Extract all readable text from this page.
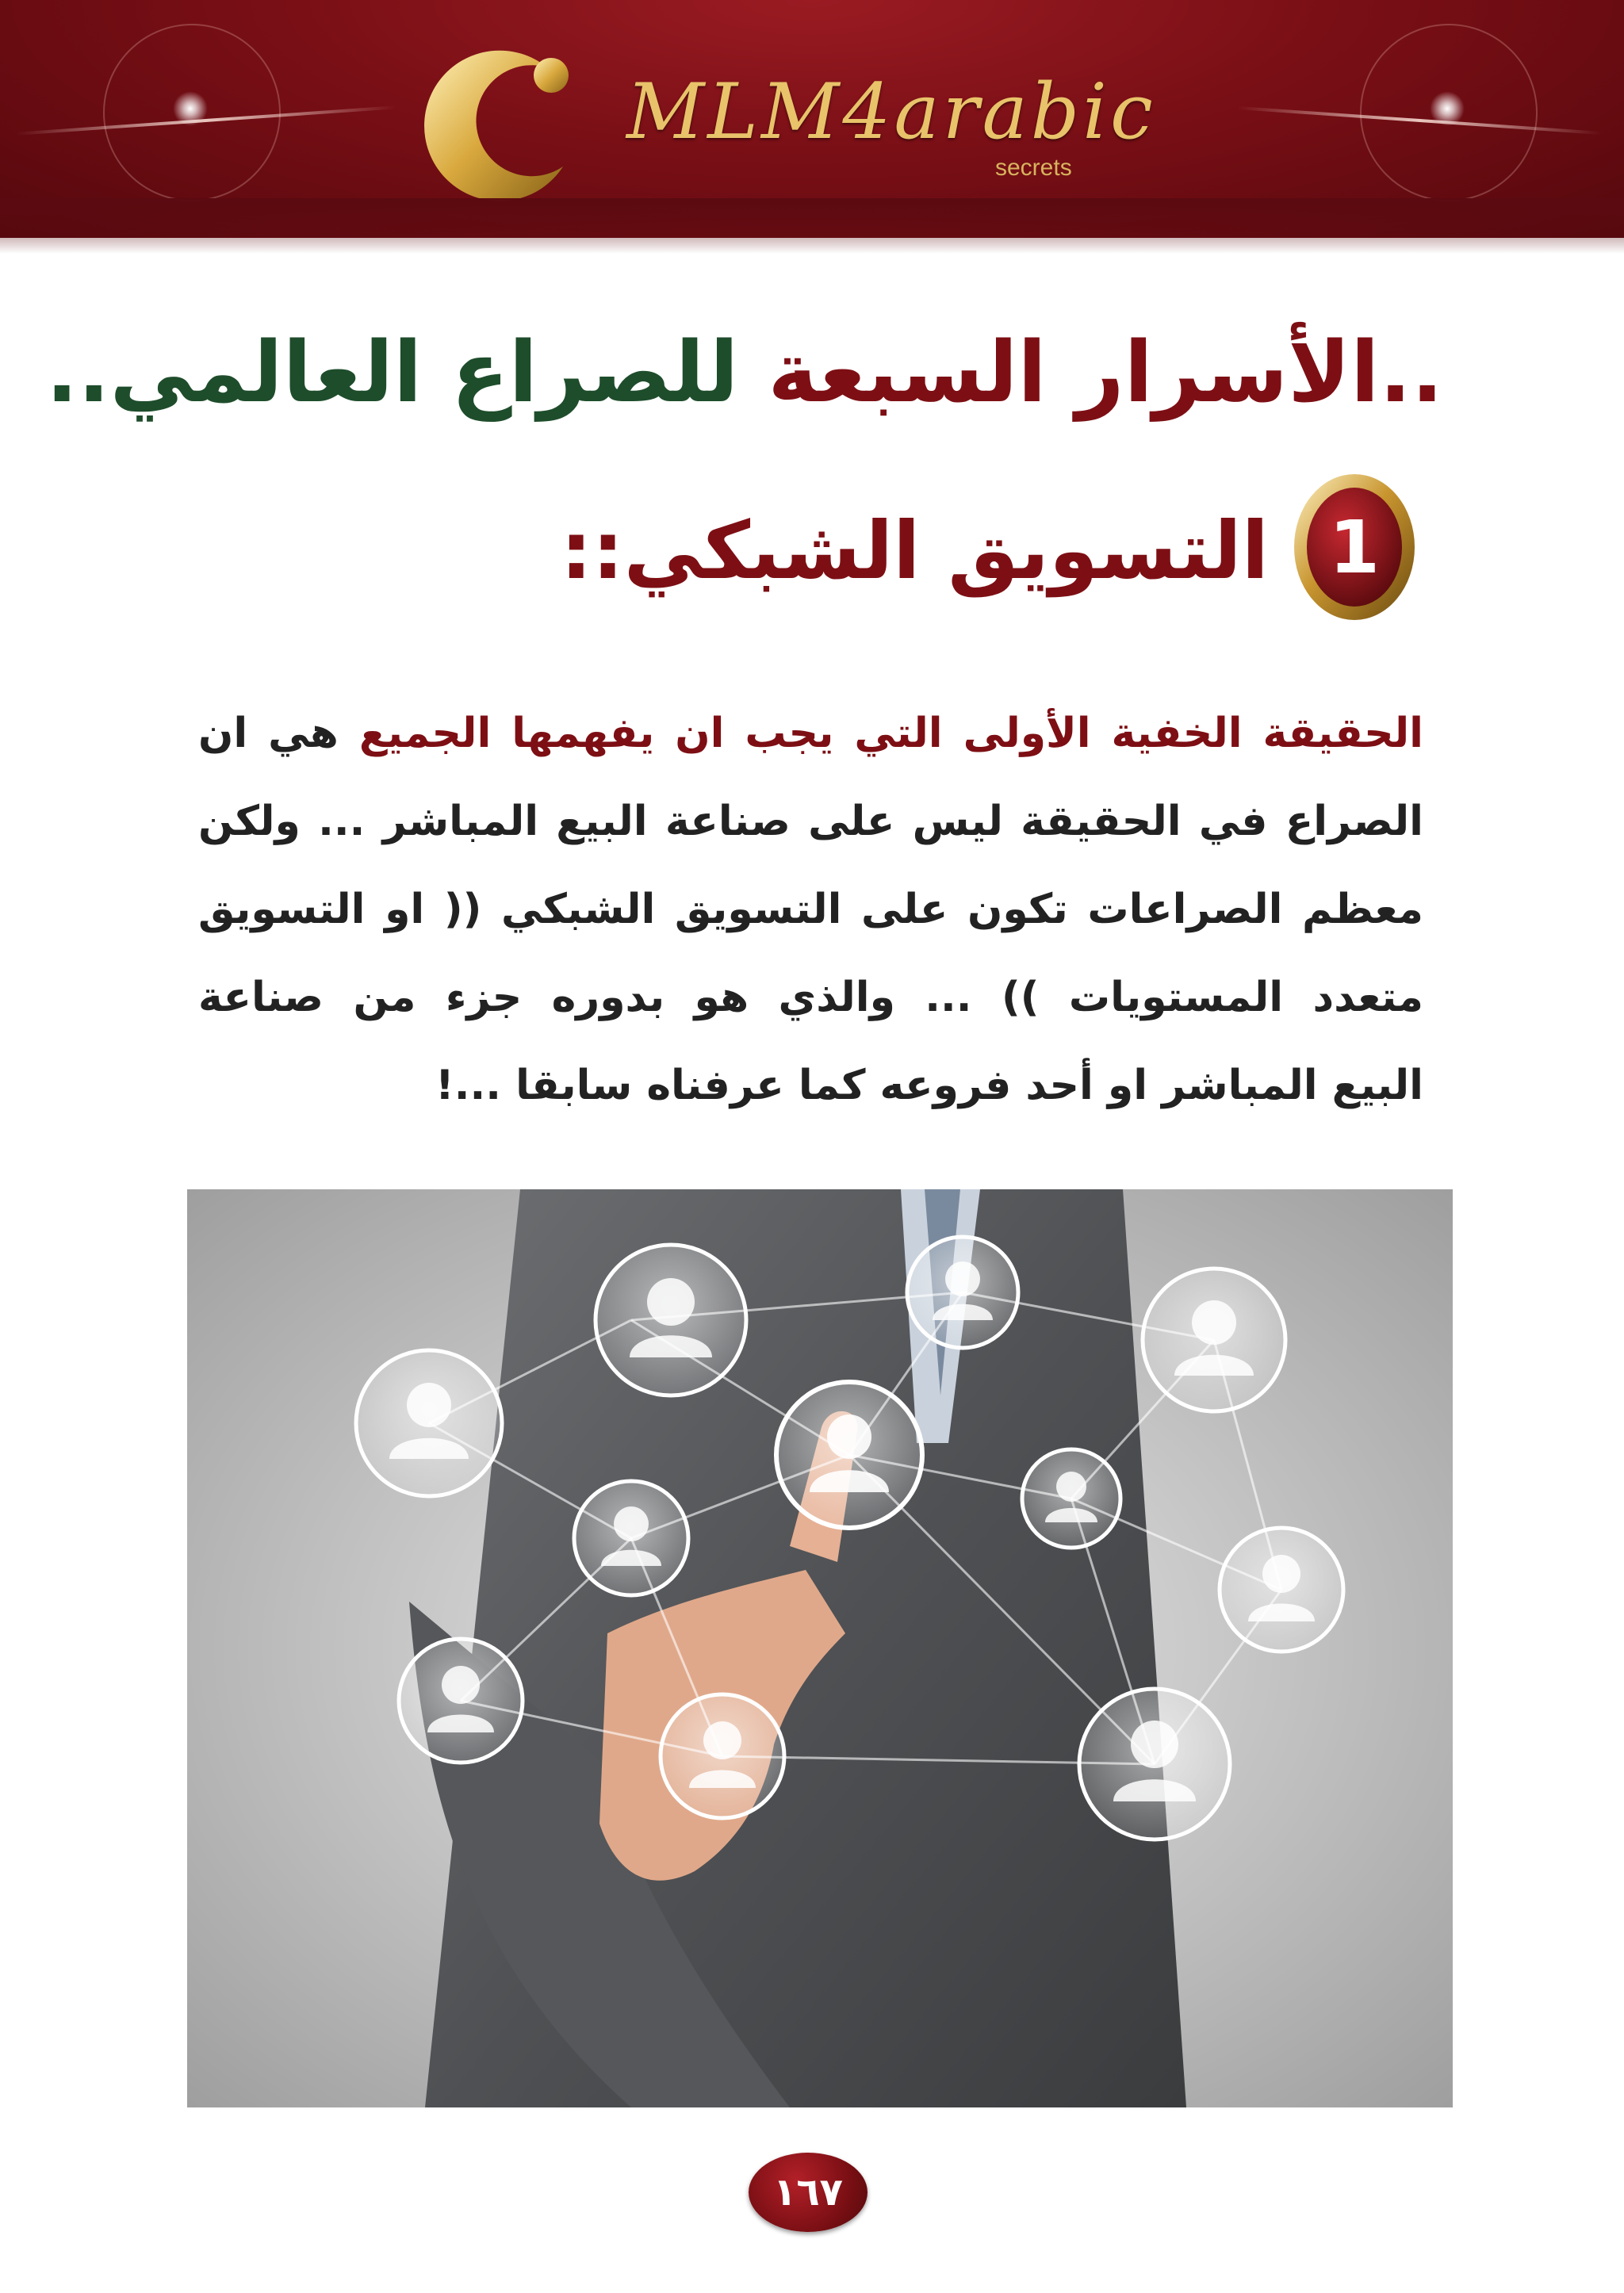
MLM4arabic
secrets
..الأسرار السبعة للصراع العالمي..
1
التسويق الشبكي::
الحقيقة الخفية الأولى التي يجب ان يفهمها الجميع هي ان
الصراع في الحقيقة ليس على صناعة البيع المباشر ... ولكن
معظم الصراعات تكون على التسويق الشبكي (( او التسويق
متعدد المستويات )) ... والذي هو بدوره جزء من صناعة
البيع المباشر او أحد فروعه كما عرفناه سابقا ...!
١٦٧
